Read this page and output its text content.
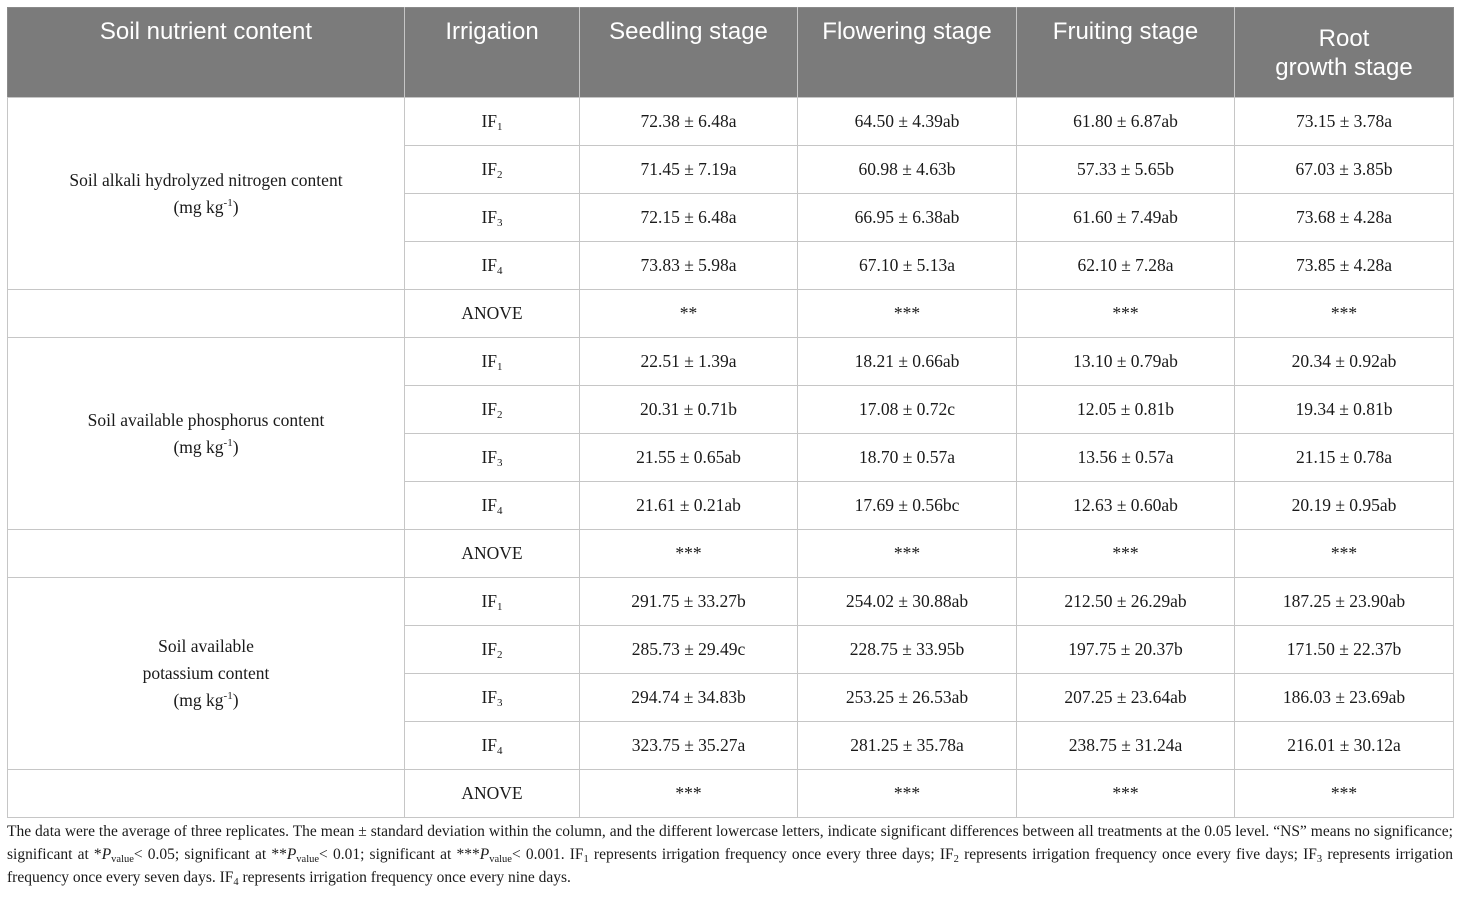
Soil nutrient content	Irrigation	Seedling stage	Flowering stage	Fruiting stage	Root
growth stage
Soil alkali hydrolyzed nitrogen content
(mg $kg^{-1}$)	$IF_1$	72.38 ± 6.48a	64.50 ± 4.39ab	61.80 ± 6.87ab	73.15 ± 3.78a
	$IF_2$	71.45 ± 7.19a	60.98 ± 4.63b	57.33 ± 5.65b	67.03 ± 3.85b
	$IF_3$	72.15 ± 6.48a	66.95 ± 6.38ab	61.60 ± 7.49ab	73.68 ± 4.28a
	$IF_4$	73.83 ± 5.98a	67.10 ± 5.13a	62.10 ± 7.28a	73.85 ± 4.28a
	ANOVE	**	***	***	***
Soil available phosphorus content
(mg $kg^{-1}$)	$IF_1$	22.51 ± 1.39a	18.21 ± 0.66ab	13.10 ± 0.79ab	20.34 ± 0.92ab
	$IF_2$	20.31 ± 0.71b	17.08 ± 0.72c	12.05 ± 0.81b	19.34 ± 0.81b
	$IF_3$	21.55 ± 0.65ab	18.70 ± 0.57a	13.56 ± 0.57a	21.15 ± 0.78a
	$IF_4$	21.61 ± 0.21ab	17.69 ± 0.56bc	12.63 ± 0.60ab	20.19 ± 0.95ab
	ANOVE	***	***	***	***
Soil available
potassium content
(mg $kg^{-1}$)	$IF_1$	291.75 ± 33.27b	254.02 ± 30.88ab	212.50 ± 26.29ab	187.25 ± 23.90ab
	$IF_2$	285.73 ± 29.49c	228.75 ± 33.95b	197.75 ± 20.37b	171.50 ± 22.37b
	$IF_3$	294.74 ± 34.83b	253.25 ± 26.53ab	207.25 ± 23.64ab	186.03 ± 23.69ab
	$IF_4$	323.75 ± 35.27a	281.25 ± 35.78a	238.75 ± 31.24a	216.01 ± 30.12a
	ANOVE	***	***	***	***
The data were the average of three replicates. The mean ± standard deviation within the column, and the different lowercase letters, indicate significant differences between all treatments at the 0.05 level. “NS” means no significance; significant at $*P_{value}< 0.05$; significant at $**P_{value}< 0.01$; significant at $***P_{value}< 0.001$. $IF_1$ represents irrigation frequency once every three days; $IF_2$ represents irrigation frequency once every five days; $IF_3$ represents irrigation frequency once every seven days. $IF_4$ represents irrigation frequency once every nine days.
